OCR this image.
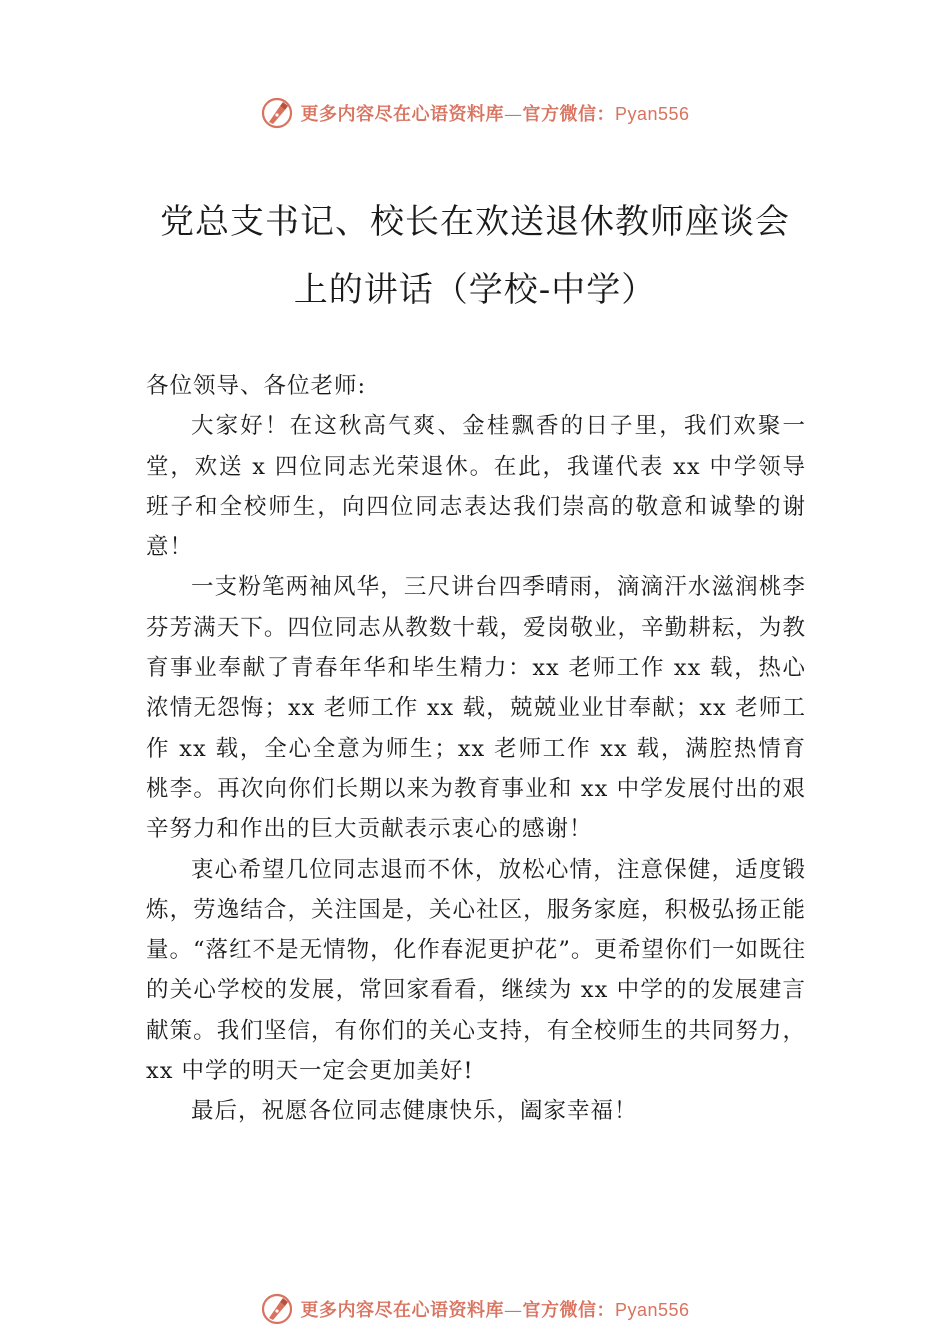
更多内容尽在心语资料库—官方微信：Pyan556
党总支书记、校长在欢送退休教师座谈会
上的讲话（学校-中学）

各位领导、各位老师:

大家好！在这秋高气爽、金桂飘香的日子里，我们欢聚一堂，欢送 x 四位同志光荣退休。在此，我谨代表 xx 中学领导班子和全校师生，向四位同志表达我们崇高的敬意和诚挚的谢意！

一支粉笔两袖风华，三尺讲台四季晴雨，滴滴汗水滋润桃李芬芳满天下。四位同志从教数十载，爱岗敬业，辛勤耕耘，为教育事业奉献了青春年华和毕生精力：xx 老师工作 xx 载，热心浓情无怨悔；xx 老师工作 xx 载，兢兢业业甘奉献；xx 老师工作 xx 载，全心全意为师生；xx 老师工作 xx 载，满腔热情育桃李。再次向你们长期以来为教育事业和 xx 中学发展付出的艰辛努力和作出的巨大贡献表示衷心的感谢！

衷心希望几位同志退而不休，放松心情，注意保健，适度锻炼，劳逸结合，关注国是，关心社区，服务家庭，积极弘扬正能量。“落红不是无情物，化作春泥更护花”。更希望你们一如既往的关心学校的发展，常回家看看，继续为 xx 中学的的发展建言献策。我们坚信，有你们的关心支持，有全校师生的共同努力，xx 中学的明天一定会更加美好!

最后，祝愿各位同志健康快乐，阖家幸福！

更多内容尽在心语资料库—官方微信：Pyan556
